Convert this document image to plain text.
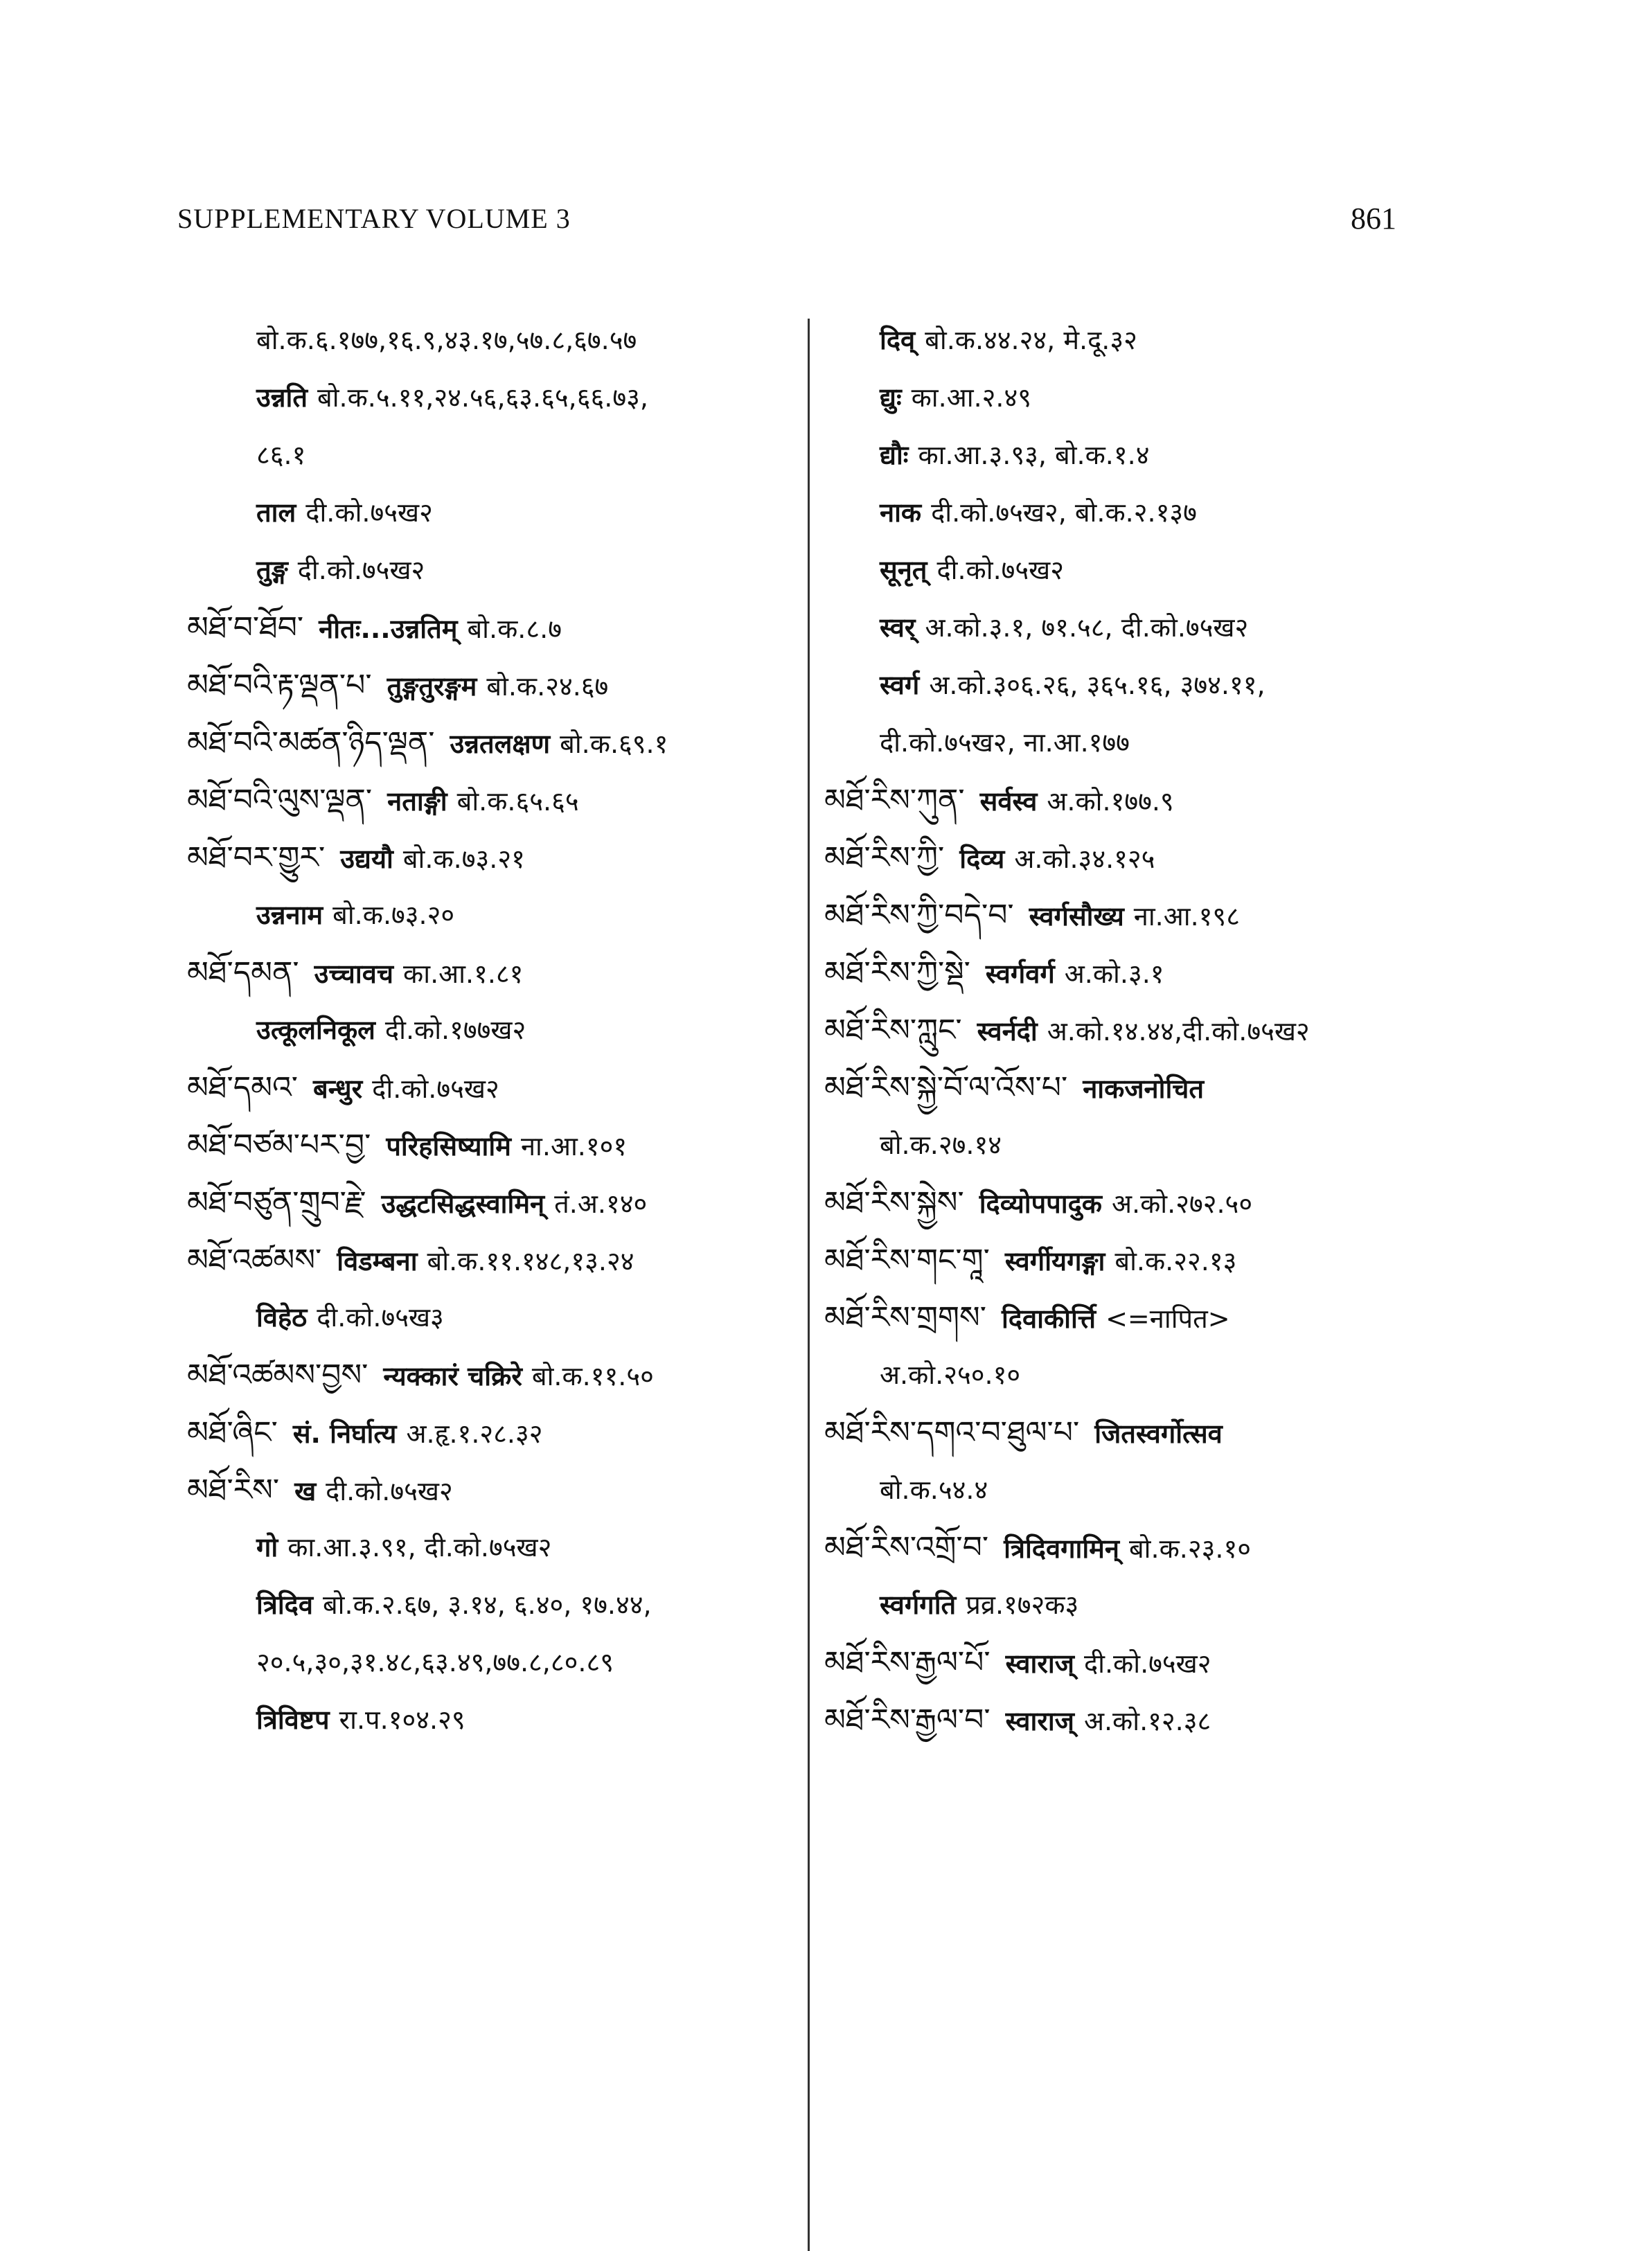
SUPPLEMENTARY VOLUME 3	861
बो.क.६.१७७,१६.९,४३.१७,५७.८,६७.५७
उन्नति बो.क.५.११,२४.५६,६३.६५,६६.७३,
८६.१
ताल दी.को.७५ख२
तुङ्ग दी.को.७५ख२
མཐོ་བ་ཐོབ་ नीतः...उन्नतिम् बो.क.८.७
མཐོ་བའི་རྟ་ལྡན་པ་ तुङ्गतुरङ्गम बो.क.२४.६७
མཐོ་བའི་མཚན་ཉིད་ལྡན་ उन्नतलक्षण बो.क.६९.१
མཐོ་བའི་ལུས་ལྡན་ नताङ्गी बो.क.६५.६५
མཐོ་བར་གྱུར་ उद्ययौ बो.क.७३.२१
उन्ननाम बो.क.७३.२०
མཐོ་དམན་ उच्चावच का.आ.१.८१
उत्कूलनिकूल दी.को.१७७ख२
མཐོ་དམའ་ बन्धुर दी.को.७५ख२
མཐོ་བཙམ་པར་བྱ་ परिहसिष्यामि ना.आ.१०१
མཐོ་བཙུན་གྲུབ་རྗེ་ उद्धटसिद्धस्वामिन् तं.अ.१४०
མཐོ་འཚམས་ विडम्बना बो.क.११.१४८,१३.२४
विहेठ दी.को.७५ख३
མཐོ་འཚམས་བྱས་ न्यक्कारं चक्रिरे बो.क.११.५०
མཐོ་ཞིང་ सं. निर्घात्य अ.हृ.१.२८.३२
མཐོ་རིས་ ख दी.को.७५ख२
गो का.आ.३.९१, दी.को.७५ख२
त्रिदिव बो.क.२.६७, ३.१४, ६.४०, १७.४४,
२०.५,३०,३१.४८,६३.४९,७७.८,८०.८९
त्रिविष्टप रा.प.१०४.२९
दिव् बो.क.४४.२४, मे.दू.३२
द्युः का.आ.२.४९
द्यौः का.आ.३.९३, बो.क.१.४
नाक दी.को.७५ख२, बो.क.२.१३७
सूनृत् दी.को.७५ख२
स्वर् अ.को.३.१, ७१.५८, दी.को.७५ख२
स्वर्ग अ.को.३०६.२६, ३६५.१६, ३७४.११,
दी.को.७५ख२, ना.आ.१७७
མཐོ་རིས་ཀུན་ सर्वस्व अ.को.१७७.९
མཐོ་རིས་ཀྱི་ दिव्य अ.को.३४.१२५
མཐོ་རིས་ཀྱི་བདེ་བ་ स्वर्गसौख्य ना.आ.१९८
མཐོ་རིས་ཀྱི་སྡེ་ स्वर्गवर्ग अ.को.३.१
མཐོ་རིས་ཀླུང་ स्वर्नदी अ.को.१४.४४,दी.को.७५ख२
མཐོ་རིས་སྐྱེ་བོ་ལ་འོས་པ་ नाकजनोचित
बो.क.२७.१४
མཐོ་རིས་སྐྱེས་ दिव्योपपादुक अ.को.२७२.५०
མཐོ་རིས་གང་གཱ་ स्वर्गीयगङ्गा बो.क.२२.१३
མཐོ་རིས་གྲགས་ दिवाकीर्त्ति <=नापित>
अ.को.२५०.१०
མཐོ་རིས་དགའ་བ་ཐུལ་པ་ जितस्वर्गोत्सव
बो.क.५४.४
མཐོ་རིས་འགྲོ་བ་ त्रिदिवगामिन् बो.क.२३.१०
स्वर्गगति प्रव्र.१७२क३
མཐོ་རིས་རྒྱལ་པོ་ स्वाराज् दी.को.७५ख२
མཐོ་རིས་རྒྱལ་བ་ स्वाराज् अ.को.१२.३८
